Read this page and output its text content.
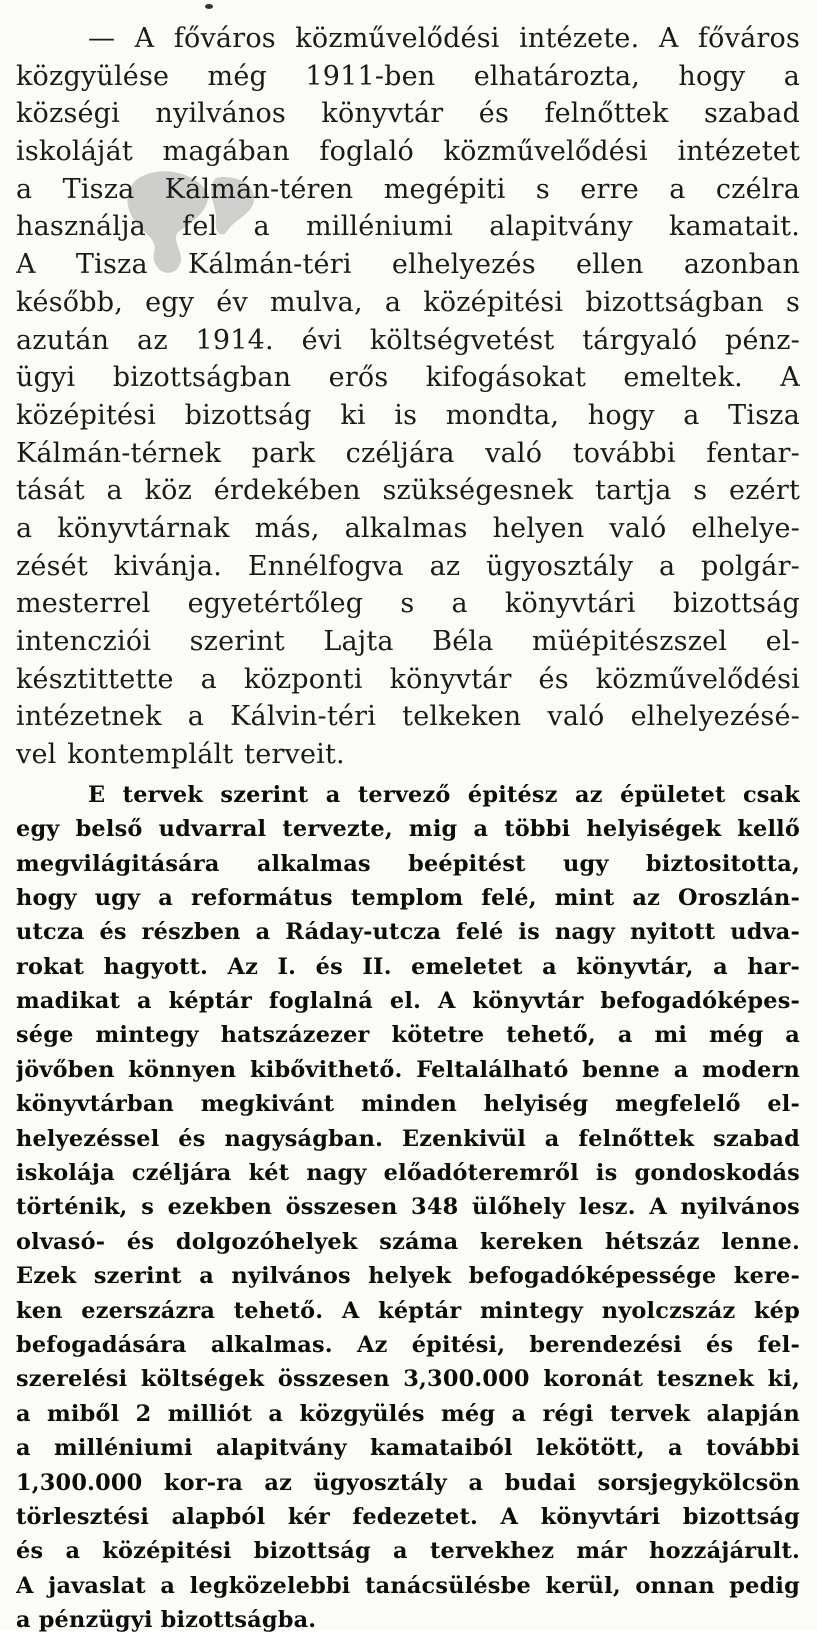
— A főváros közművelődési intézete. A főváros
közgyülése még 1911-ben elhatározta, hogy a
községi nyilvános könyvtár és felnőttek szabad
iskoláját magában foglaló közművelődési intézetet
a Tisza Kálmán-téren megépiti s erre a czélra
használja fel a milléniumi alapitvány kamatait.
A Tisza Kálmán-téri elhelyezés ellen azonban
később, egy év mulva, a középitési bizottságban s
azután az 1914. évi költségvetést tárgyaló pénz-
ügyi bizottságban erős kifogásokat emeltek. A
középitési bizottság ki is mondta, hogy a Tisza
Kálmán-térnek park czéljára való további fentar-
tását a köz érdekében szükségesnek tartja s ezért
a könyvtárnak más, alkalmas helyen való elhelye-
zését kivánja. Ennélfogva az ügyosztály a polgár-
mesterrel egyetértőleg s a könyvtári bizottság
intencziói szerint Lajta Béla müépitészszel el-
késztittette a központi könyvtár és közművelődési
intézetnek a Kálvin-téri telkeken való elhelyezésé-
vel kontemplált terveit.
E tervek szerint a tervező épitész az épületet csak
egy belső udvarral tervezte, mig a többi helyiségek kellő
megvilágitására alkalmas beépitést ugy biztositotta,
hogy ugy a református templom felé, mint az Oroszlán-
utcza és részben a Ráday-utcza felé is nagy nyitott udva-
rokat hagyott. Az I. és II. emeletet a könyvtár, a har-
madikat a képtár foglalná el. A könyvtár befogadóképes-
sége mintegy hatszázezer kötetre tehető, a mi még a
jövőben könnyen kibővithető. Feltalálható benne a modern
könyvtárban megkivánt minden helyiség megfelelő el-
helyezéssel és nagyságban. Ezenkivül a felnőttek szabad
iskolája czéljára két nagy előadóteremről is gondoskodás
történik, s ezekben összesen 348 ülőhely lesz. A nyilvános
olvasó- és dolgozóhelyek száma kereken hétszáz lenne.
Ezek szerint a nyilvános helyek befogadóképessége kere-
ken ezerszázra tehető. A képtár mintegy nyolczszáz kép
befogadására alkalmas. Az épitési, berendezési és fel-
szerelési költségek összesen 3,300.000 koronát tesznek ki,
a miből 2 milliót a közgyülés még a régi tervek alapján
a milléniumi alapitvány kamataiból lekötött, a további
1,300.000 kor-ra az ügyosztály a budai sorsjegykölcsön
törlesztési alapból kér fedezetet. A könyvtári bizottság
és a középitési bizottság a tervekhez már hozzájárult.
A javaslat a legközelebbi tanácsülésbe kerül, onnan pedig
a pénzügyi bizottságba.
